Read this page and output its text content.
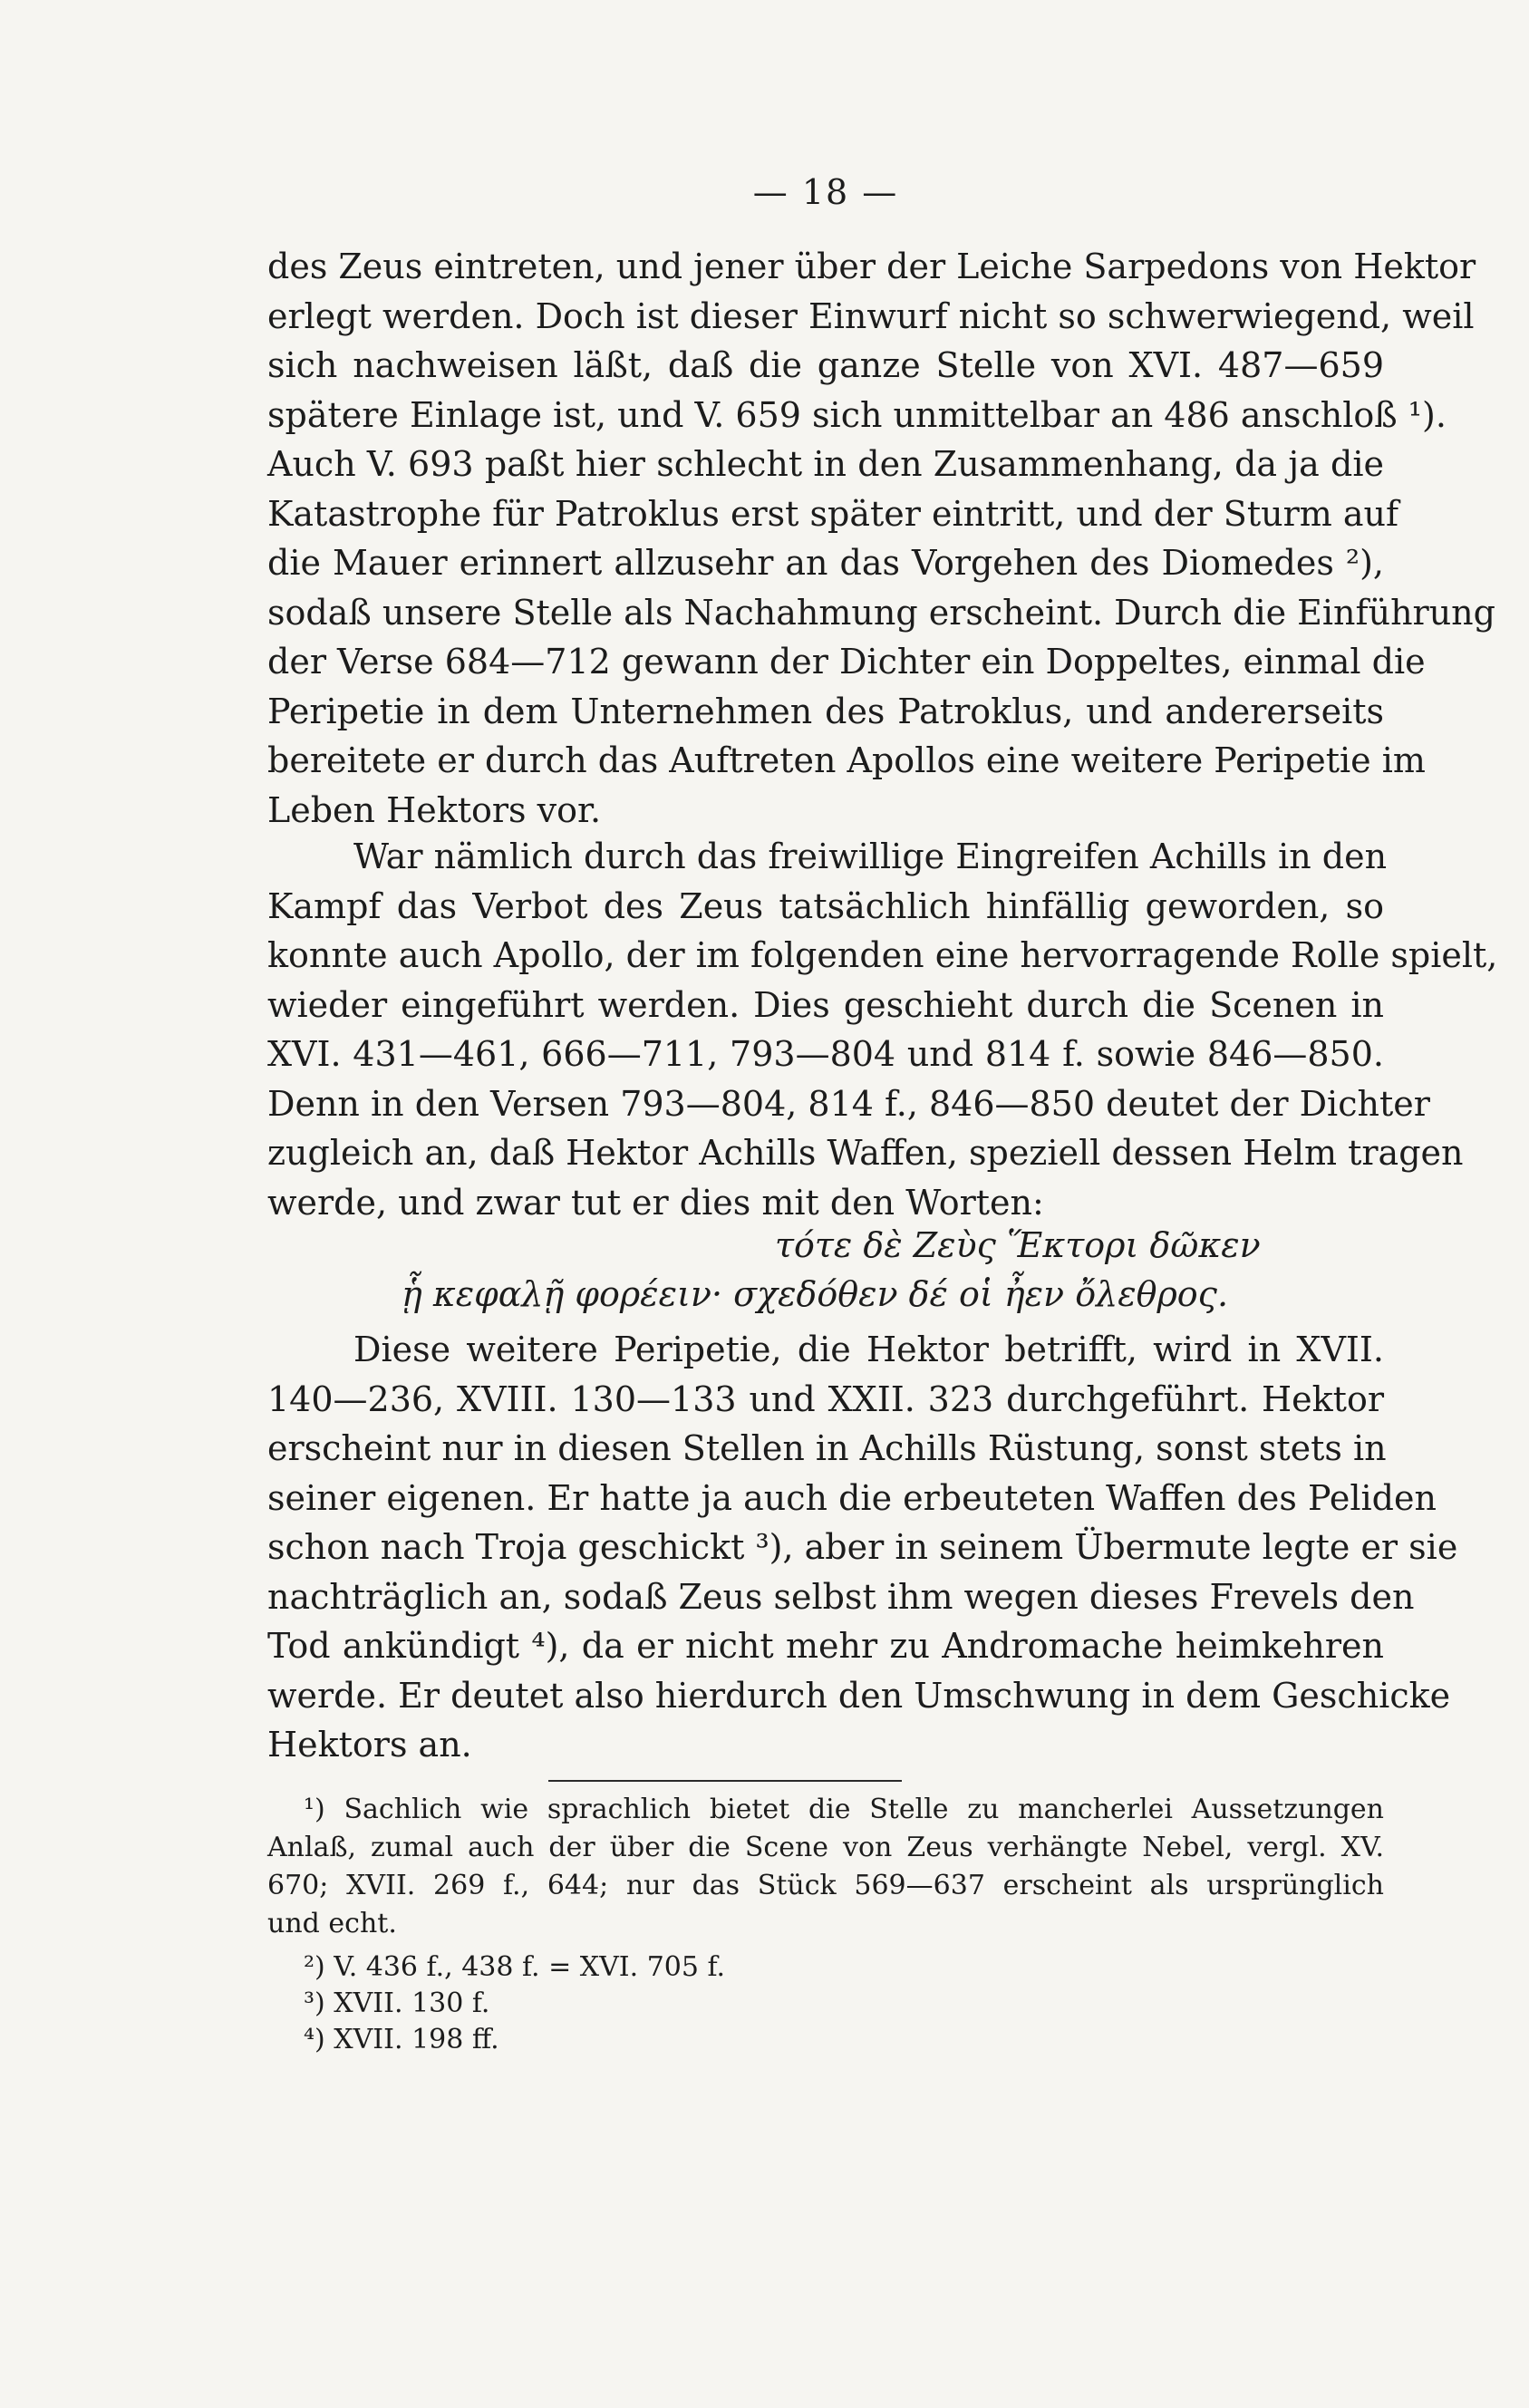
— 18 —

des Zeus eintreten, und jener über der Leiche Sarpedons von Hektor
erlegt werden. Doch ist dieser Einwurf nicht so schwerwiegend, weil
sich nachweisen läßt, daß die ganze Stelle von XVI. 487—659
spätere Einlage ist, und V. 659 sich unmittelbar an 486 anschloß ¹).
Auch V. 693 paßt hier schlecht in den Zusammenhang, da ja die
Katastrophe für Patroklus erst später eintritt, und der Sturm auf
die Mauer erinnert allzusehr an das Vorgehen des Diomedes ²),
sodaß unsere Stelle als Nachahmung erscheint. Durch die Einführung
der Verse 684—712 gewann der Dichter ein Doppeltes, einmal die
Peripetie in dem Unternehmen des Patroklus, und andererseits
bereitete er durch das Auftreten Apollos eine weitere Peripetie im
Leben Hektors vor.

War nämlich durch das freiwillige Eingreifen Achills in den
Kampf das Verbot des Zeus tatsächlich hinfällig geworden, so
konnte auch Apollo, der im folgenden eine hervorragende Rolle spielt,
wieder eingeführt werden. Dies geschieht durch die Scenen in
XVI. 431—461, 666—711, 793—804 und 814 f. sowie 846—850.
Denn in den Versen 793—804, 814 f., 846—850 deutet der Dichter
zugleich an, daß Hektor Achills Waffen, speziell dessen Helm tragen
werde, und zwar tut er dies mit den Worten:

τότε δὲ Ζεὺς Ἕκτορι δῶκεν
ᾗ κεφαλῇ φορέειν· σχεδόθεν δέ οἱ ἦεν ὄλεθρος.

Diese weitere Peripetie, die Hektor betrifft, wird in XVII.
140—236, XVIII. 130—133 und XXII. 323 durchgeführt. Hektor
erscheint nur in diesen Stellen in Achills Rüstung, sonst stets in
seiner eigenen. Er hatte ja auch die erbeuteten Waffen des Peliden
schon nach Troja geschickt ³), aber in seinem Übermute legte er sie
nachträglich an, sodaß Zeus selbst ihm wegen dieses Frevels den
Tod ankündigt ⁴), da er nicht mehr zu Andromache heimkehren
werde. Er deutet also hierdurch den Umschwung in dem Geschicke
Hektors an.

¹) Sachlich wie sprachlich bietet die Stelle zu mancherlei Aussetzungen
Anlaß, zumal auch der über die Scene von Zeus verhängte Nebel, vergl. XV.
670; XVII. 269 f., 644; nur das Stück 569—637 erscheint als ursprünglich
und echt.

²) V. 436 f., 438 f. = XVI. 705 f.

³) XVII. 130 f.

⁴) XVII. 198 ff.
